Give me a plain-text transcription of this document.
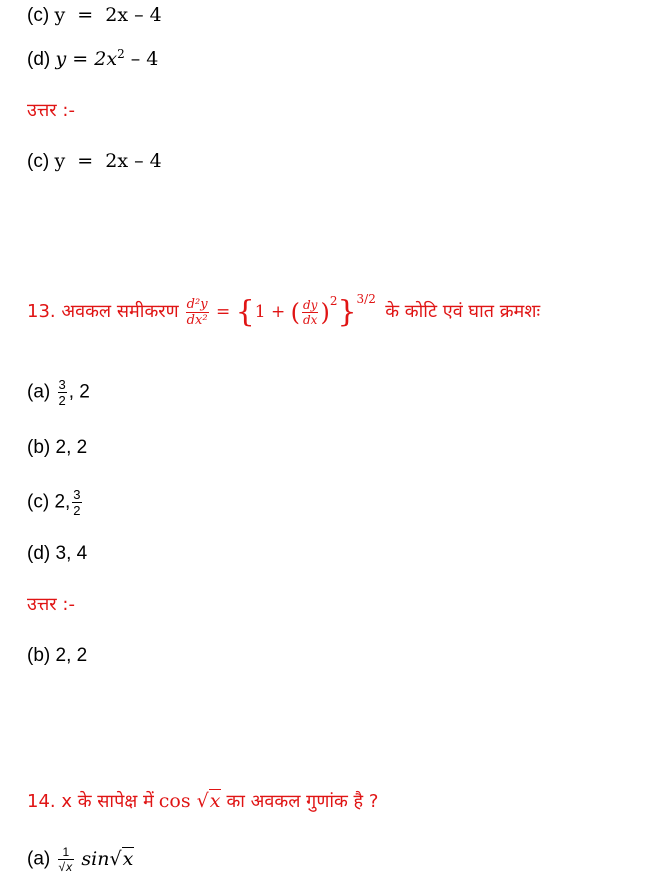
(c) y  =  2x – 4
(d) $y = 2x^2 - 4$
उत्तर :-
(c) y  =  2x – 4
13. अवकल समीकरण $\frac{\text{d²y}}{\text{dx²}} = \{1$ + ( $\frac{dy}{dx} )^2\}^{3/2}$ के कोटि एवं घात क्रमशः
$(a) \frac{3}{2}$ , 2
(b) 2, 2
(c) 2, $\frac{3}{2}$
(d) 3, 4
उत्तर :-
(b) 2, 2
14. x के सापेक्ष में cos √x का अवकल गुणांक है ?
$(a) \frac{1}{√x} \sin√x$
